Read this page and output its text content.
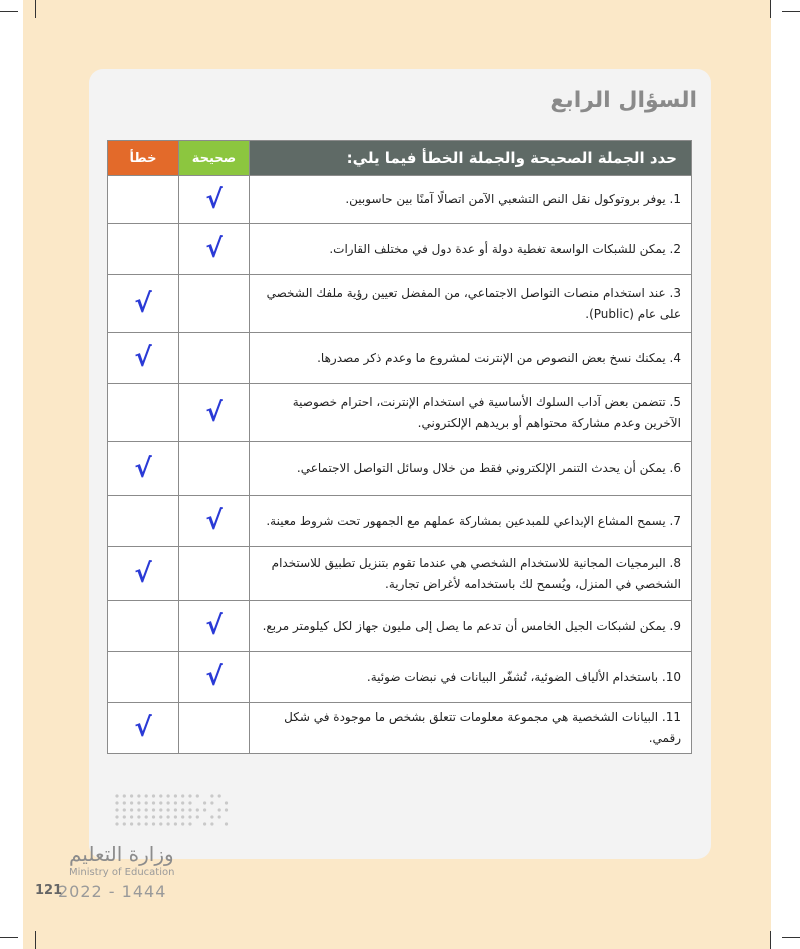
السؤال الرابع
حدد الجملة الصحيحة والجملة الخطأ فيما يلي:	صحيحة	خطأ
1. يوفر بروتوكول نقل النص التشعبي الآمن اتصالًا آمنًا بين حاسوبين.	√	
2. يمكن للشبكات الواسعة تغطية دولة أو عدة دول في مختلف القارات.	√	
3. عند استخدام منصات التواصل الاجتماعي، من المفضل تعيين رؤية ملفك الشخصي على عام (Public).		√
4. يمكنك نسخ بعض النصوص من الإنترنت لمشروع ما وعدم ذكر مصدرها.		√
5. تتضمن بعض آداب السلوك الأساسية في استخدام الإنترنت، احترام خصوصية الآخرين وعدم مشاركة محتواهم أو بريدهم الإلكتروني.	√	
6. يمكن أن يحدث التنمر الإلكتروني فقط من خلال وسائل التواصل الاجتماعي.		√
7. يسمح المشاع الإبداعي للمبدعين بمشاركة عملهم مع الجمهور تحت شروط معينة.	√	
8. البرمجيات المجانية للاستخدام الشخصي هي عندما تقوم بتنزيل تطبيق للاستخدام الشخصي في المنزل، ويُسمح لك باستخدامه لأغراض تجارية.		√
9. يمكن لشبكات الجيل الخامس أن تدعم ما يصل إلى مليون جهاز لكل كيلومتر مربع.	√	
10. باستخدام الألياف الضوئية، تُشفّر البيانات في نبضات ضوئية.	√	
11. البيانات الشخصية هي مجموعة معلومات تتعلق بشخص ما موجودة في شكل رقمي.		√
وزارة التعليم
Ministry of Education
121
2022 - 1444
